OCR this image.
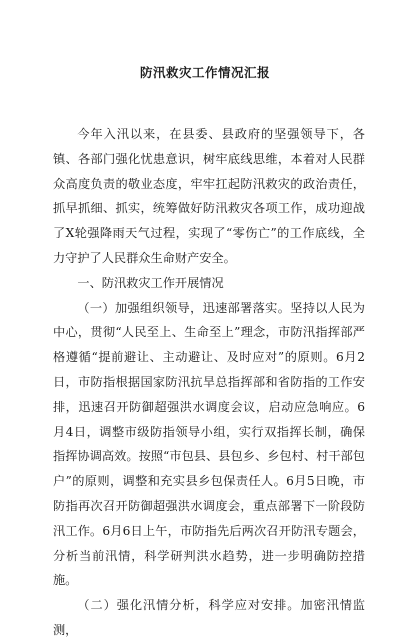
防汛救灾工作情况汇报

今年入汛以来，在县委、县政府的坚强领导下，各镇、各部门强化忧患意识，树牢底线思维，本着对人民群众高度负责的敬业态度，牢牢扛起防汛救灾的政治责任，抓早抓细、抓实，统筹做好防汛救灾各项工作，成功迎战了X轮强降雨天气过程，实现了“零伤亡”的工作底线，全力守护了人民群众生命财产安全。

一、防汛救灾工作开展情况

（一）加强组织领导，迅速部署落实。坚持以人民为中心，贯彻“人民至上、生命至上”理念，市防汛指挥部严格遵循“提前避让、主动避让、及时应对”的原则。6月2日，市防指根据国家防汛抗旱总指挥部和省防指的工作安排，迅速召开防御超强洪水调度会议，启动应急响应。6月4日，调整市级防指领导小组，实行双指挥长制，确保指挥协调高效。按照“市包县、县包乡、乡包村、村干部包户”的原则，调整和充实县乡包保责任人。6月5日晚，市防指再次召开防御超强洪水调度会，重点部署下一阶段防汛工作。6月6日上午，市防指先后两次召开防汛专题会，分析当前汛情，科学研判洪水趋势，进一步明确防控措施。

（二）强化汛情分析，科学应对安排。加密汛情监测，
